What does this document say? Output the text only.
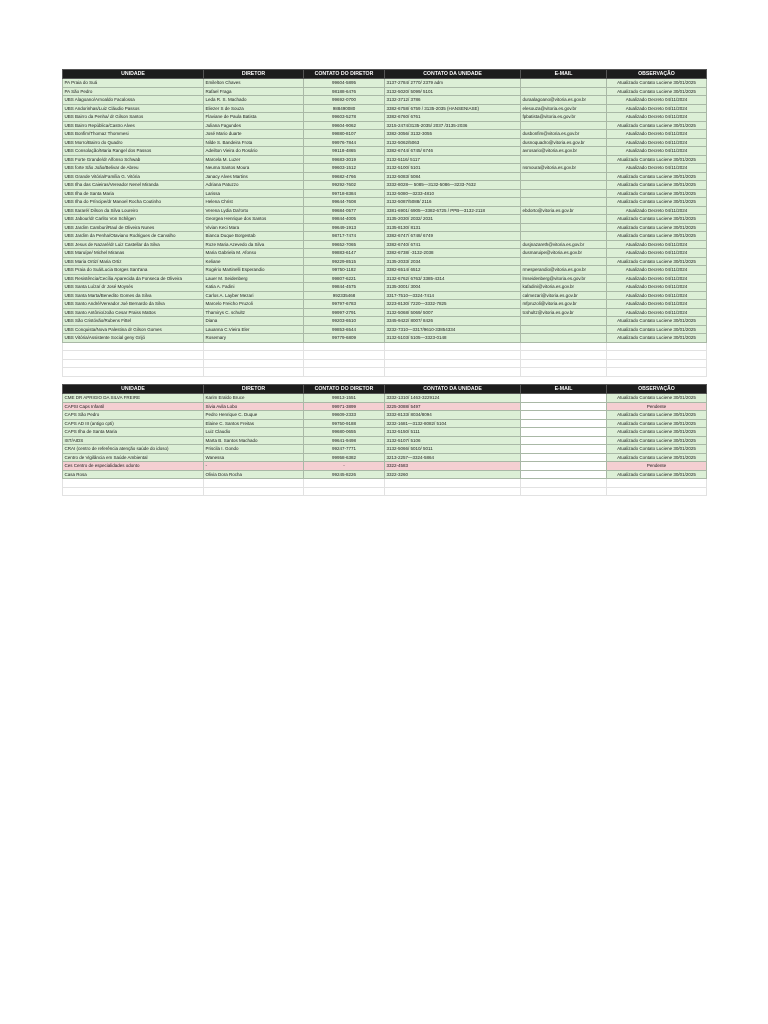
UNIDADE	DIRETOR	CONTATO DO DIRETOR	CONTATO DA UNIDADE	E-MAIL	OBSERVAÇÃO
PA Praia do Suá	Emilelton Chaves	99604-5895	3137-2784/ 2770/ 2379 adm		Atualizado Contato Luciene 30/01/2025
PA São Pedro	Rafael Fraga	98188-6476	3132-5020/ 5099/ 5101		Atualizado Contato Luciene 30/01/2025
UBS Alagoano/Arnoaldo Facalossa	Leda R. S. Machado	99692-0700	3132-3712/ 3786	duraalagoano@vitoria.es.gov.br	Atualizado Decreto 04/11/2024
UBS Andorinhas/Luiz Cláudio Passos	Eliezer S de Souza	988490080	3382-6758/ 6759 / 3135-2035 (HANSENIASE)	elesouza@vitoria.es.gov.br	Atualizado Decreto 04/11/2024
UBS Bairro da Penha/ dr Gilson Santos	Flaviane de Paula Batista	99603-5278	3382-6760/ 6761	fpbatista@vitoria.es.gov.br	Atualizado Decreto 04/11/2024
UBS Bairro República/Castro Alves	Juliana Fagundes	99604-9062	3215-2474/3135-2035/ 2037 /3135-2036		Atualizado Contato Luciene 30/01/2025
UBS Bonfim/Thomaz Thommesi	José Mario duarte	99880-8107	3382-3056/ 3132-3055	dusbonfim@vitoria.es.gov.br	Atualizado Decreto 04/11/2024
UBS Morro/Bairro do Quadro	Nilde S. Bandeira Frota	99976-7844	3132-5062/5063	dusnoquadro@vitoria.es.gov.br	Atualizado Decreto 04/11/2024
UBS Consolação/Maria Rangel dos Passos	Adeilton Vieira do Rosário	99118-4865	3382-6744/ 6745/ 6746	avrosario@vitoria.es.gov.br	Atualizado Decreto 04/11/2024
UBS Forte Grande/dr Alfonso Schwab	Marcela M. Luzer	99683-3019	3132-5116/ 5117		Atualizado Contato Luciene 30/01/2025
UBS forte São João/Belivar de Abreu	Neuma Santos Moura	99603-1512	3132-5100/ 5101	nsmoura@vitoria.es.gov.br	Atualizado Decreto 04/11/2024
UBS Grande Vitória/Família G. Vitória	Janacy Alves Martins	99682-4766	3132-5083/ 5084		Atualizado Contato Luciene 30/01/2025
UBS Ilha das Caieiras/Vereador Nenel Miranda	Adriana Patuzzo	99292-7602	3332-8028— 5085—3132-5086—3233-7632		Atualizado Contato Luciene 30/01/2025
UBS Ilha de Santa Maria	Larissa	99718-8384	3132-5080—3233-4810		Atualizado Contato Luciene 30/01/2025
UBS Ilha do Príncipe/dr Manoel Rocha Coutinho	Helena Christ	99644-7608	3132-5087/5088/ 2116		Atualizado Contato Luciene 30/01/2025
UBS Itararé/ Dilson da Silva Loureiro	Verena Lydia Dal'orto	99684-0577	3381-6901/ 6905—3382-6725 / PPB—3132-2118	ebdorto@vitoria.es.gov.br	Atualizado Decreto 04/11/2024
UBS Jabour/dr Carlito Von Schilgen	Georgea Henrique dos Santos	99844-4005	3135-2030/ 2032/ 2031		Atualizado Contato Luciene 30/01/2025
UBS Jardim Camburi/Raul de Oliveira Nunes	Vivian Keci Mara	99649-1913	3135-8130/ 8131		Atualizado Contato Luciene 30/01/2025
UBS Jardim da Penha/Otaviano Rodrigues de Carvalho	Bianca Duque Borgestab	98717-7474	3382-6747/ 6748/ 6749		Atualizado Contato Luciene 30/01/2025
UBS Jesus de Nazaré/dr Luiz Castellar da Silva	Roze Maria Azevedo da Silva	99652-7065	3382-6740/ 6741	dusjnazareth@vitoria.es.gov.br	Atualizado Decreto 04/11/2024
UBS Maruípe/ Michel Miranas	Maria Gabriela M. Afonso	99883-6147	3382-6738/ -3132-2038	dusmaruipe@vitoria.es.gov.br	Atualizado Decreto 04/11/2024
UBS Maria Ortiz/ Maria Ortiz	Keliane	99229-8515	3135-2033/ 2034		Atualizado Contato Luciene 30/01/2025
UBS Praia do Suá/Lucia Borges Sant'ana	Rogério Martinelli Esperandio	99750-1182	3382-6514/ 6512	rmesperandio@vitoria.es.gov.br	Atualizado Decreto 04/11/2024
UBS Resistência/Cecília Aparecida da Fonseca de Oliveira	Lauer M. Seidenberg	99807-6221	3132-6762/ 6763/ 3385-4314	lmseidenberg@vitoria.es.gov.br	Atualizado Decreto 04/11/2024
UBS Santa Luíza/ dr José Moysés	Katia A. Fadini	99844-4575	3135-3001/ 3004	kafadini@vitoria.es.gov.br	Atualizado Decreto 04/11/2024
UBS Santa Marta/Benedito Gomes da Silva	Carlos A. Layber Mezari	992335468	3317-7510—3324-7414	calmezari@vitoria.es.gov.br	Atualizado Decreto 04/11/2024
UBS Santo André/Vereador Joé Bernardo da Silva	Marcelo Freicho Pruzoli	99797-6783	3223-8130/ 7220—3332-7825	mfpruzoli@vitoria.es.gov.br	Atualizado Decreto 04/11/2024
UBS Santo Antônio/João Cesar Praiss Mattos	Thamirys C. schultz	99997-2791	3132-5068/ 5069/ 5007	tcshultz@vitoria.es.gov.br	Atualizado Decreto 04/11/2024
UBS São Cristóvão/Rubens Fittel	Diana	99203-6510	3345-9422/ 8007/ 8426		Atualizado Contato Luciene 30/01/2025
UBS Conquista/Nova Palestina dr Gilson Gomes	Lauanna C.Vieira Eler	99853-6544	3232-7310—3317/9610-33854334		Atualizado Contato Luciene 30/01/2025
UBS Vitória/Assistente Social geny Grijó	Rosemary	99779-6809	3132-5103/ 5105—3323-0148		Atualizado Contato Luciene 30/01/2025

UNIDADE	DIRETOR	CONTATO DO DIRETOR	CONTATO DA UNIDADE	E-MAIL	OBSERVAÇÃO
CME DR APRIGIO DA SILVA FREIRE	Karim Eraldo Bruce	99813-1551	3332-1310/ 1463-3229124		Atualizado Contato Luciene 30/01/2025
CAPSI Caps Infantil	Sivia Avila Lobo	99971-3899	3225-3088/ 5497		Pendente
CAPS São Pedro	Pedro Henrique C. Duque	99609-2333	3332-8133/ 8034/8094		Atualizado Contato Luciene 30/01/2025
CAPS AD III (antigo cpti)	Elaine C. Santos Freitas	99750-9188	3232-1681—3132-8082/ 5104		Atualizado Contato Luciene 30/01/2025
CAPS Ilha de Santa Maria	Luiz Claudio	99680-0655	3132-5150/ 5111		Atualizado Contato Luciene 30/01/2025
IST/AIDS	Marta B. Santos Machado	99641-9498	3132-5107/ 5106		Atualizado Contato Luciene 30/01/2025
CRAI (centro de referência atenção saúde do idoso)	Priscila I. Gondo	99247-7771	3132-5066/ 5010/ 5011		Atualizado Contato Luciene 30/01/2025
Centro de Vigilância em Saúde Ambiental	Wanessa	99958-6382	3213-2257—3324-5864		Atualizado Contato Luciene 30/01/2025
Ces Centro de especialidades odonto	-	-	3322-4583		Pendente
Casa Rosa	Olivia Dora Rocha	99245-8226	3322-3260		Atualizado Contato Luciene 30/01/2025
